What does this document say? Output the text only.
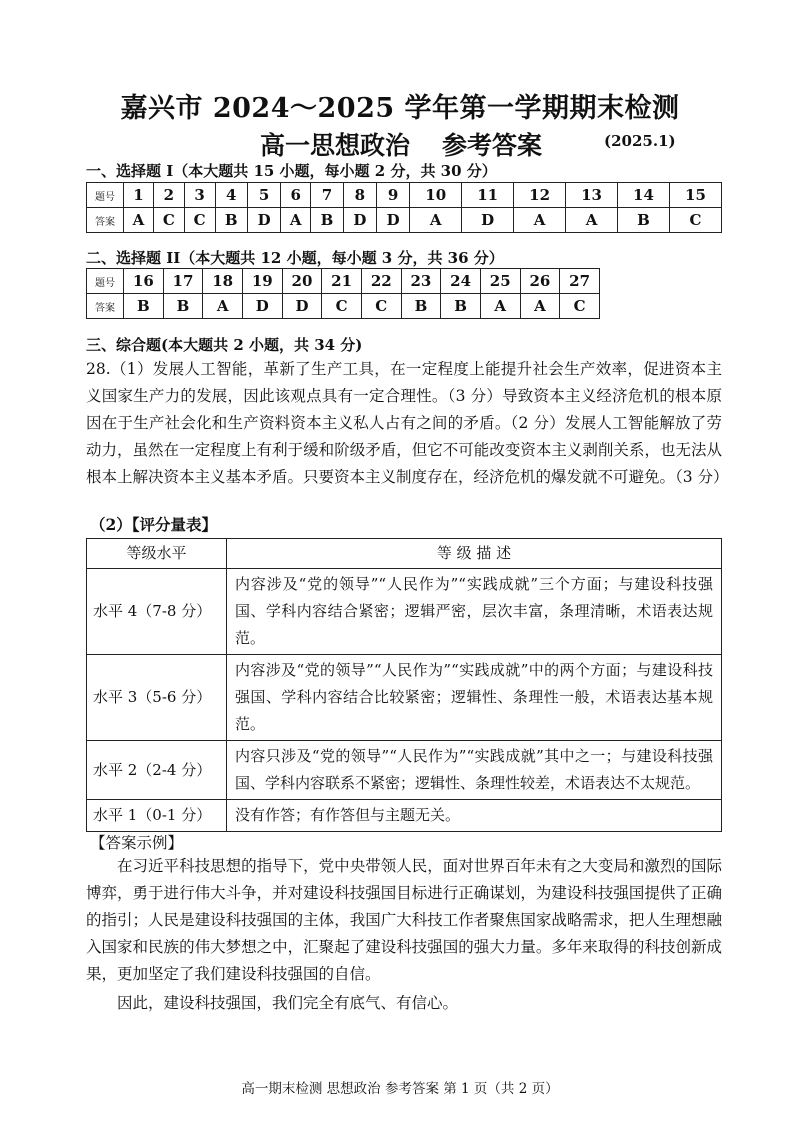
嘉兴市 2024～2025 学年第一学期期末检测
高一思想政治 参考答案	(2025.1)
一、选择题 I（本大题共 15 小题，每小题 2 分，共 30 分）
题号	1	2	3	4	5	6	7	8	9	10	11	12	13	14	15
答案	A	C	C	B	D	A	B	D	D	A	D	A	A	B	C
二、选择题 II（本大题共 12 小题，每小题 3 分，共 36 分）
题号	16	17	18	19	20	21	22	23	24	25	26	27
答案	B	B	A	D	D	C	C	B	B	A	A	C
三、综合题(本大题共 2 小题，共 34 分)

28.（1）发展人工智能，革新了生产工具，在一定程度上能提升社会生产效率，促进资本主义国家生产力的发展，因此该观点具有一定合理性。（3 分）导致资本主义经济危机的根本原因在于生产社会化和生产资料资本主义私人占有之间的矛盾。（2 分）发展人工智能解放了劳动力，虽然在一定程度上有利于缓和阶级矛盾，但它不可能改变资本主义剥削关系，也无法从根本上解决资本主义基本矛盾。只要资本主义制度存在，经济危机的爆发就不可避免。（3 分）

（2）【评分量表】
等级水平	等 级 描 述
水平 4（7-8 分）	内容涉及“党的领导”“人民作为”“实践成就”三个方面；与建设科技强国、学科内容结合紧密；逻辑严密，层次丰富，条理清晰，术语表达规范。
水平 3（5-6 分）	内容涉及“党的领导”“人民作为”“实践成就”中的两个方面；与建设科技强国、学科内容结合比较紧密；逻辑性、条理性一般，术语表达基本规范。
水平 2（2-4 分）	内容只涉及“党的领导”“人民作为”“实践成就”其中之一；与建设科技强国、学科内容联系不紧密；逻辑性、条理性较差，术语表达不太规范。
水平 1（0-1 分）	没有作答；有作答但与主题无关。
【答案示例】

在习近平科技思想的指导下，党中央带领人民，面对世界百年未有之大变局和激烈的国际博弈，勇于进行伟大斗争，并对建设科技强国目标进行正确谋划，为建设科技强国提供了正确的指引；人民是建设科技强国的主体，我国广大科技工作者聚焦国家战略需求，把人生理想融入国家和民族的伟大梦想之中，汇聚起了建设科技强国的强大力量。多年来取得的科技创新成果，更加坚定了我们建设科技强国的自信。

因此，建设科技强国，我们完全有底气、有信心。

高一期末检测 思想政治 参考答案 第 1 页（共 2 页）
